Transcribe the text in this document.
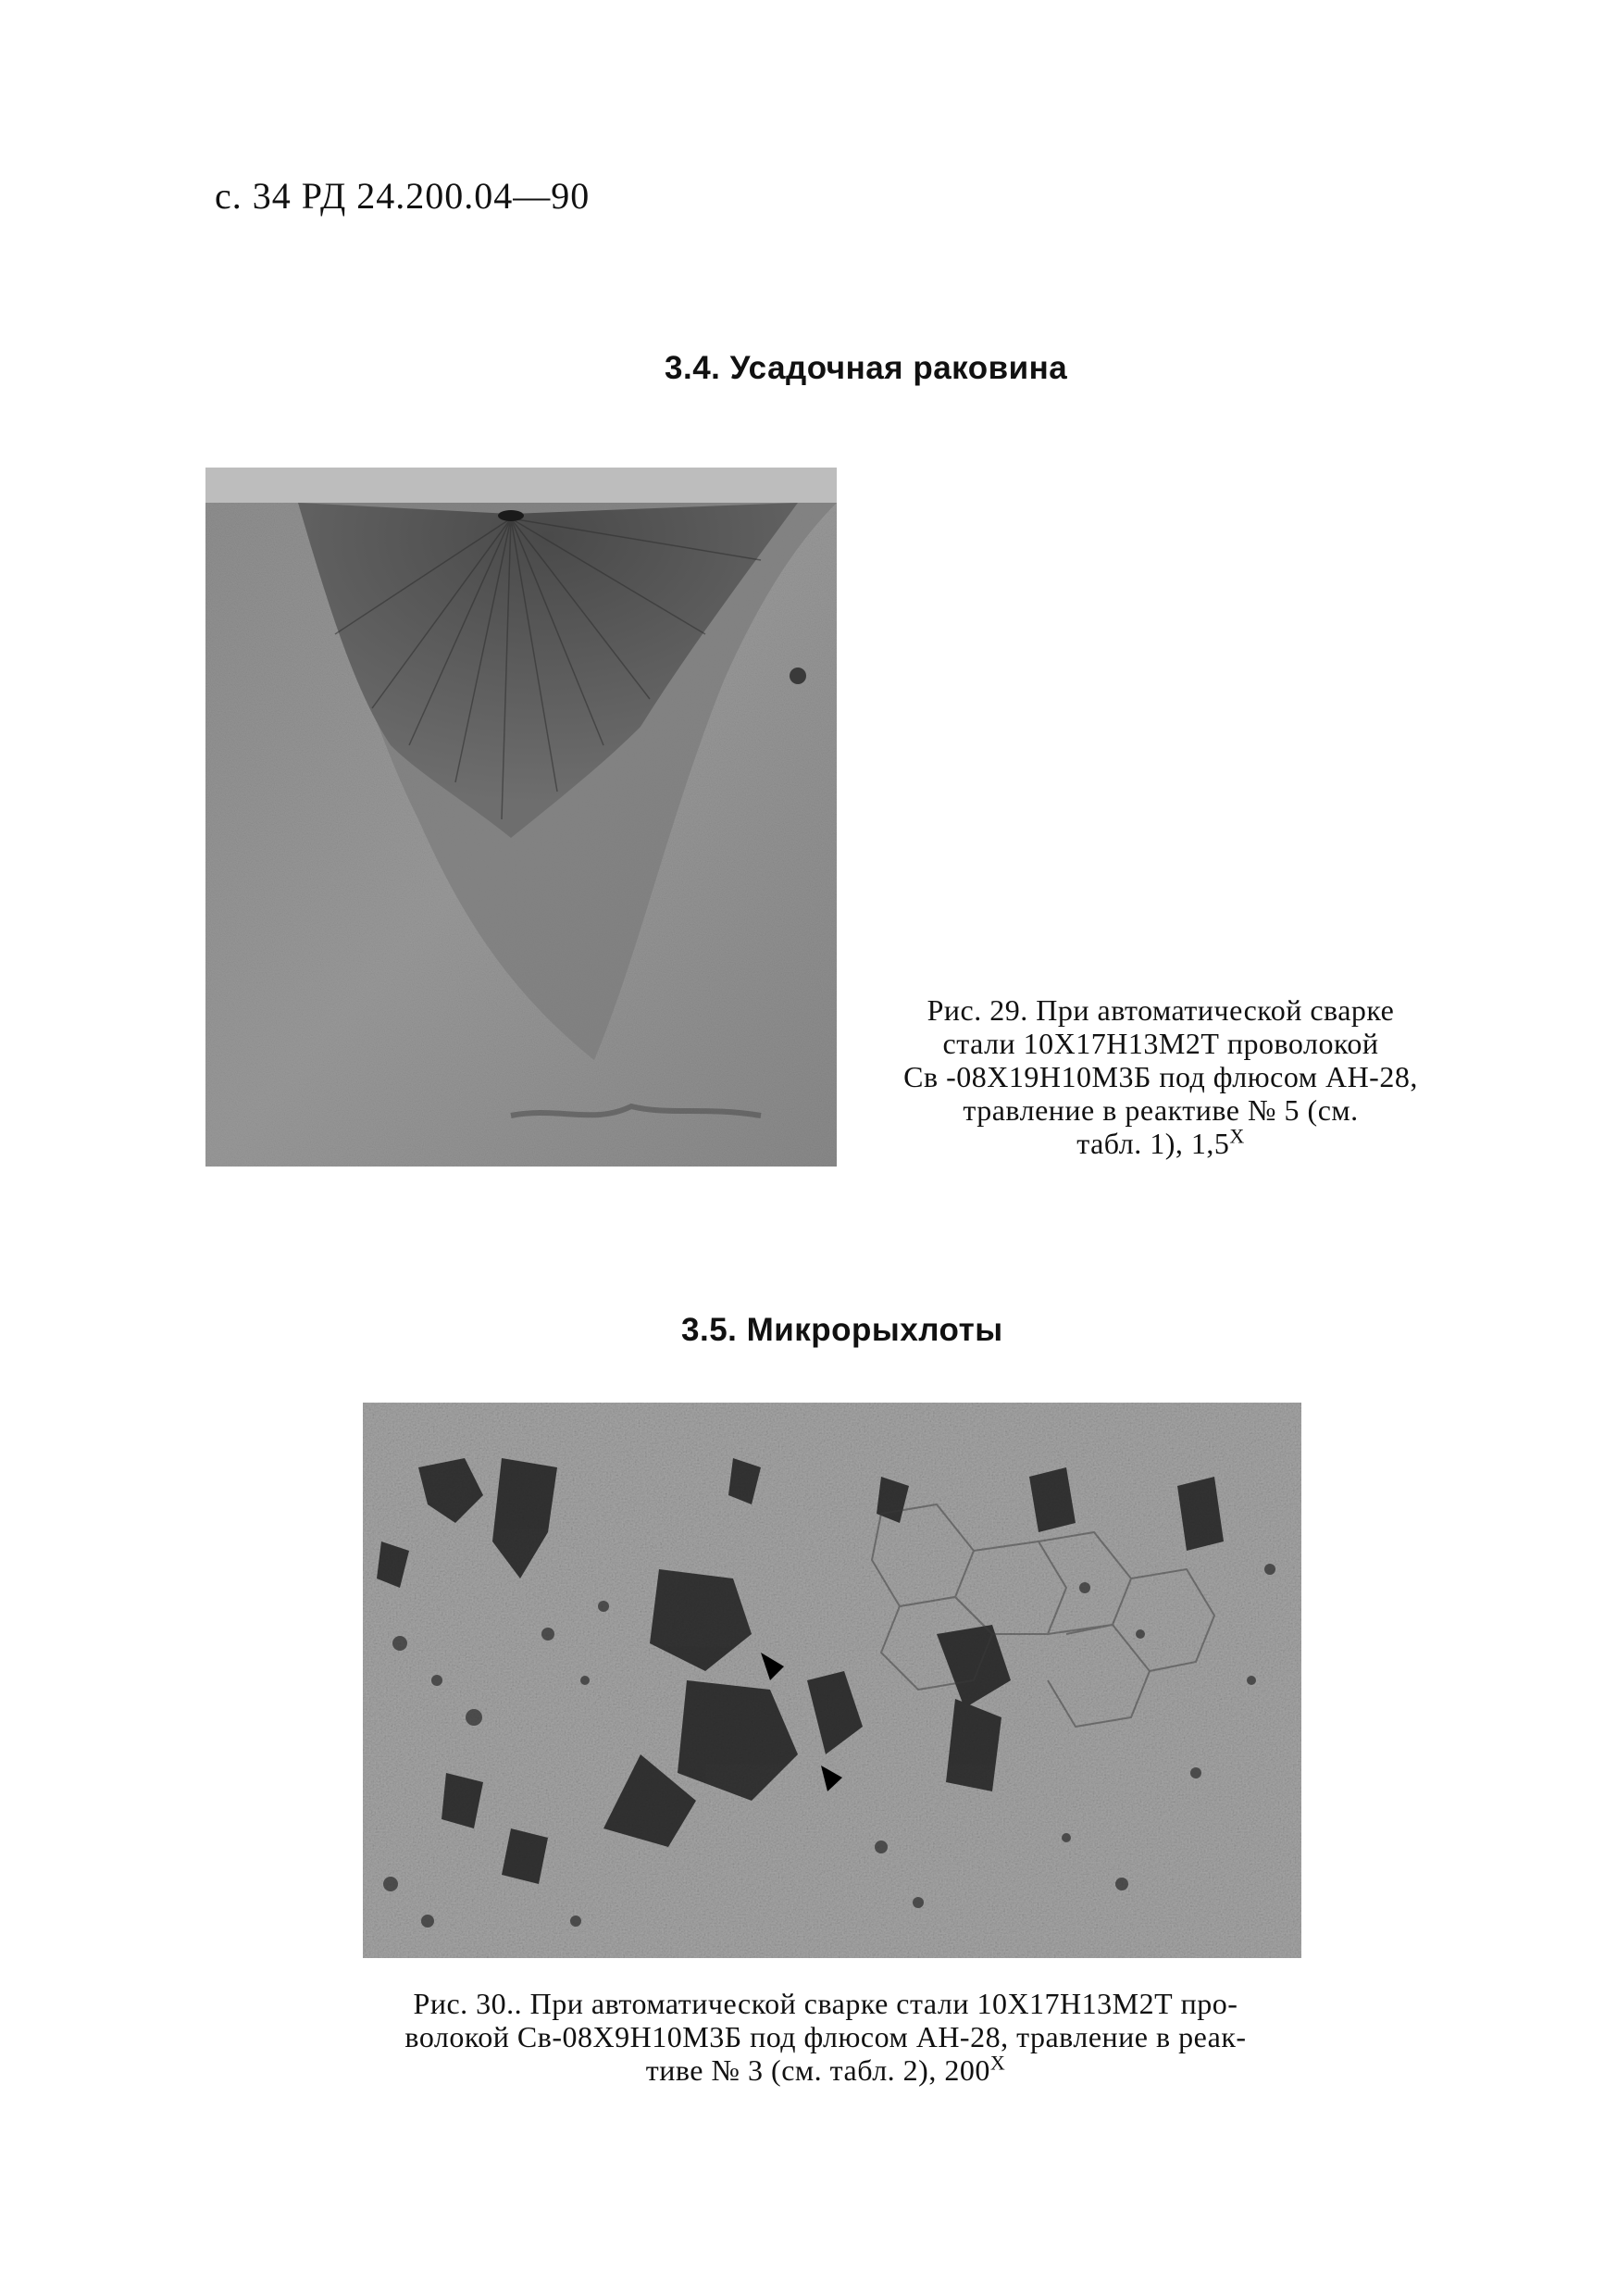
с. 34 РД 24.200.04—90
3.4. Усадочная раковина
Рис. 29. При автоматической сварке
стали 10Х17Н13М2Т проволокой
Св -08Х19Н10М3Б под флюсом АН-28,
травление в реактиве № 5 (см.
табл. 1), $1,5^X$
3.5. Микрорыхлоты
Рис. 30.. При автоматической сварке стали 10Х17Н13М2Т про-
волокой Св-08Х9Н10М3Б под флюсом АН-28, травление в реак-
тиве № 3 (см. табл. 2), $200^X$
